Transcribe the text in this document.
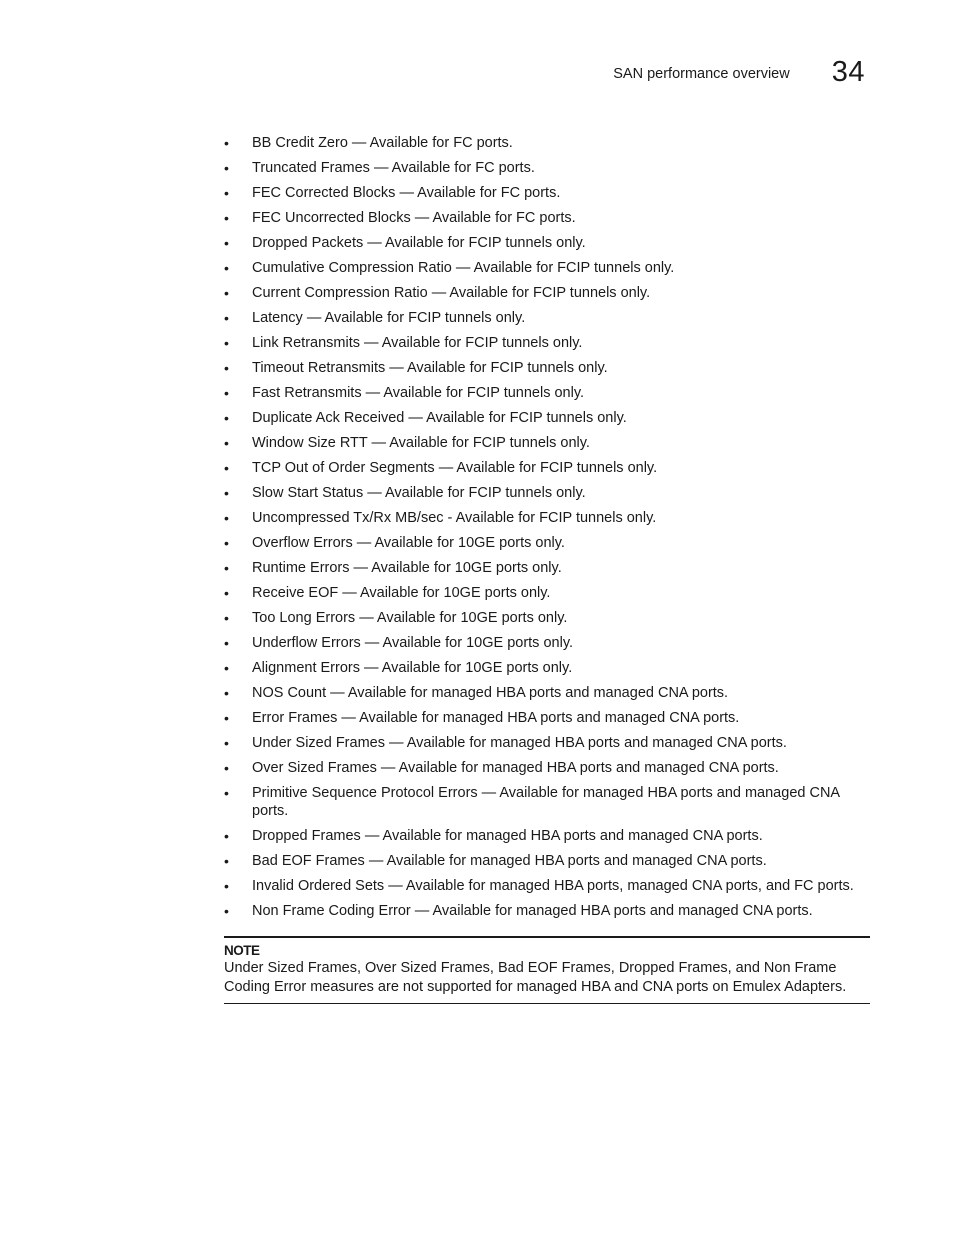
SAN performance overview 34
•	BB Credit Zero — Available for FC ports.
•	Truncated Frames — Available for FC ports.
•	FEC Corrected Blocks — Available for FC ports.
•	FEC Uncorrected Blocks — Available for FC ports.
•	Dropped Packets — Available for FCIP tunnels only.
•	Cumulative Compression Ratio — Available for FCIP tunnels only.
•	Current Compression Ratio — Available for FCIP tunnels only.
•	Latency — Available for FCIP tunnels only.
•	Link Retransmits — Available for FCIP tunnels only.
•	Timeout Retransmits — Available for FCIP tunnels only.
•	Fast Retransmits — Available for FCIP tunnels only.
•	Duplicate Ack Received — Available for FCIP tunnels only.
•	Window Size RTT — Available for FCIP tunnels only.
•	TCP Out of Order Segments — Available for FCIP tunnels only.
•	Slow Start Status — Available for FCIP tunnels only.
•	Uncompressed Tx/Rx MB/sec - Available for FCIP tunnels only.
•	Overflow Errors — Available for 10GE ports only.
•	Runtime Errors — Available for 10GE ports only.
•	Receive EOF — Available for 10GE ports only.
•	Too Long Errors — Available for 10GE ports only.
•	Underflow Errors — Available for 10GE ports only.
•	Alignment Errors — Available for 10GE ports only.
•	NOS Count — Available for managed HBA ports and managed CNA ports.
•	Error Frames — Available for managed HBA ports and managed CNA ports.
•	Under Sized Frames — Available for managed HBA ports and managed CNA ports.
•	Over Sized Frames — Available for managed HBA ports and managed CNA ports.
•	Primitive Sequence Protocol Errors — Available for managed HBA ports and managed CNA ports.
•	Dropped Frames — Available for managed HBA ports and managed CNA ports.
•	Bad EOF Frames — Available for managed HBA ports and managed CNA ports.
•	Invalid Ordered Sets — Available for managed HBA ports, managed CNA ports, and FC ports.
•	Non Frame Coding Error — Available for managed HBA ports and managed CNA ports.
NOTE
Under Sized Frames, Over Sized Frames, Bad EOF Frames, Dropped Frames, and Non Frame Coding Error measures are not supported for managed HBA and CNA ports on Emulex Adapters.
